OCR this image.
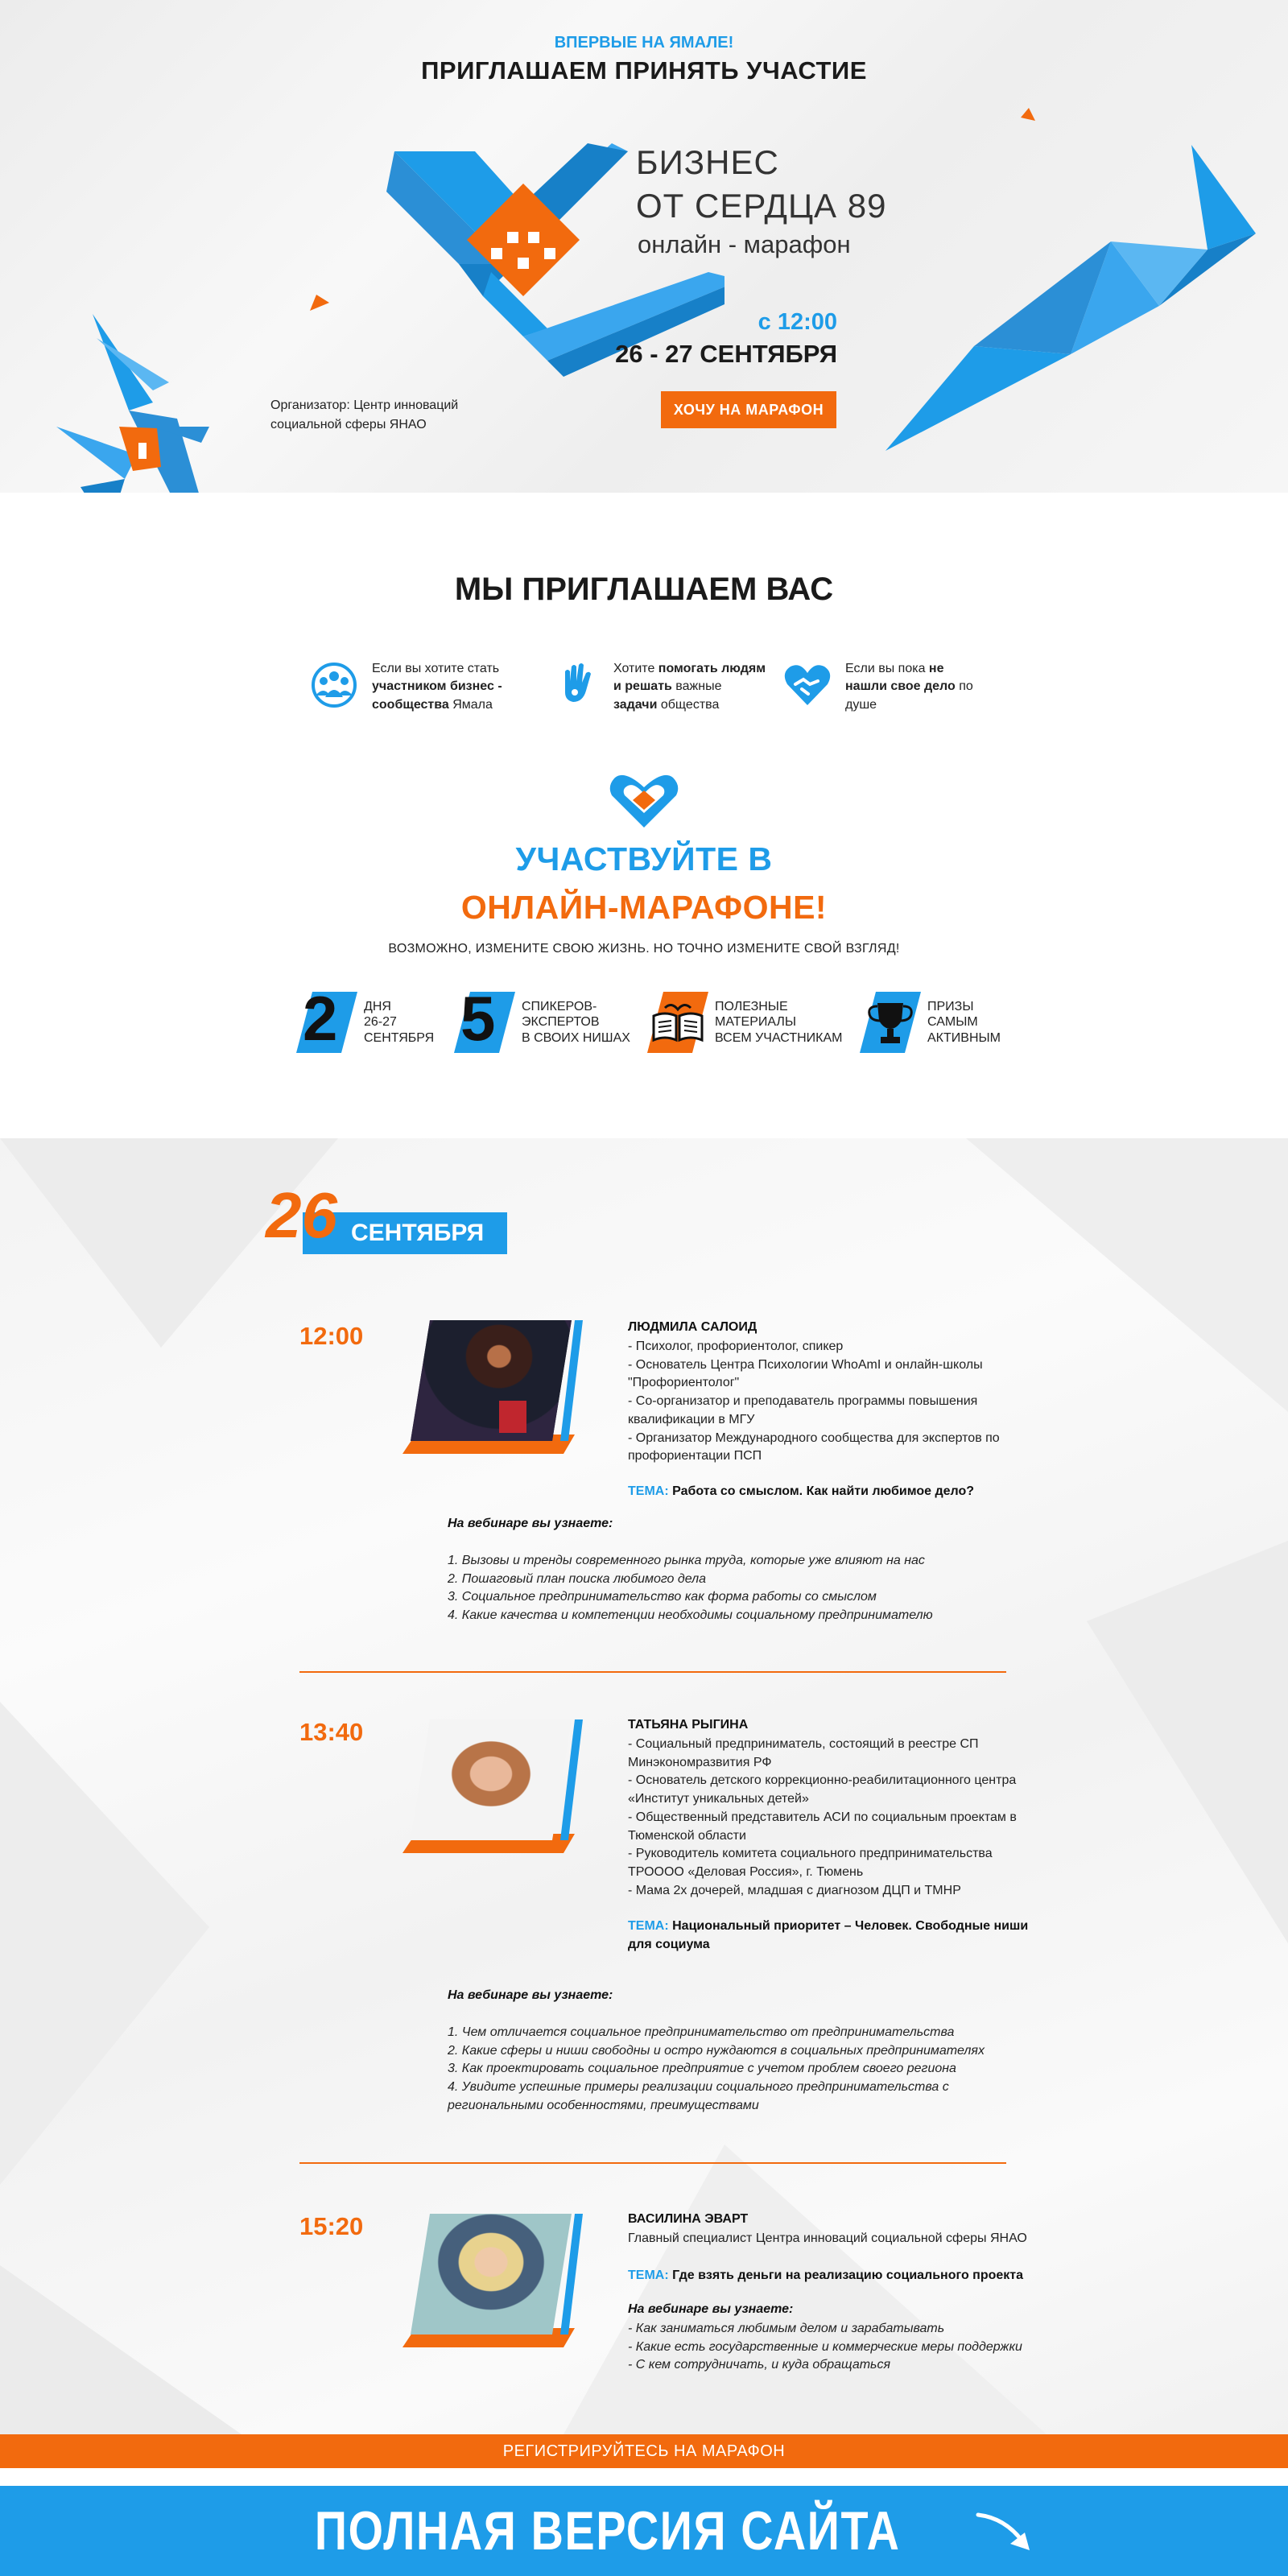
ВПЕРВЫЕ НА ЯМАЛЕ!
ПРИГЛАШАЕМ ПРИНЯТЬ УЧАСТИЕ
БИЗНЕС
ОТ СЕРДЦА 89
онлайн - марафон
с 12:00
26 - 27 СЕНТЯБРЯ
Организатор: Центр инноваций социальной сферы ЯНАО
ХОЧУ НА МАРАФОН
МЫ ПРИГЛАШАЕМ ВАС
Если вы хотите стать участником бизнес - сообщества Ямала
Хотите помогать людям и решать важные задачи общества
Если вы пока не нашли свое дело по душе
УЧАСТВУЙТЕ В
ОНЛАЙН-МАРАФОНЕ!
ВОЗМОЖНО, ИЗМЕНИТЕ СВОЮ ЖИЗНЬ. НО ТОЧНО ИЗМЕНИТЕ СВОЙ ВЗГЛЯД!
2 ДНЯ
26-27
СЕНТЯБРЯ 5 СПИКЕРОВ-
ЭКСПЕРТОВ
В СВОИХ НИШАХ
ПОЛЕЗНЫЕ
МАТЕРИАЛЫ
ВСЕМ УЧАСТНИКАМ
ПРИЗЫ
САМЫМ
АКТИВНЫМ
СЕНТЯБРЯ
26
12:00	ЛЮДМИЛА САЛОИД
- Психолог, профориентолог, спикер
- Основатель Центра Психологии WhoAmI и онлайн-школы "Профориентолог"
- Со-организатор и преподаватель программы повышения квалификации в МГУ
- Организатор Международного сообщества для экспертов по профориентации ПСП
ТЕМА: Работа со смыслом. Как найти любимое дело?
На вебинаре вы узнаете:
1. Вызовы и тренды современного рынка труда, которые уже влияют на нас
2. Пошаговый план поиска любимого дела
3. Социальное предпринимательство как форма работы со смыслом
4. Какие качества и компетенции необходимы социальному предпринимателю
13:40	ТАТЬЯНА РЫГИНА
- Социальный предприниматель, состоящий в реестре СП Минэкономразвития РФ
- Основатель детского коррекционно-реабилитационного центра «Институт уникальных детей»
- Общественный представитель АСИ по социальным проектам в Тюменской области
- Руководитель комитета социального предпринимательства ТРООOО «Деловая Россия», г. Тюмень
- Мама 2х дочерей, младшая с диагнозом ДЦП и ТМНР
ТЕМА: Национальный приоритет – Человек. Свободные ниши для социума
На вебинаре вы узнаете:
1. Чем отличается социальное предпринимательство от предпринимательства
2. Какие сферы и ниши свободны и остро нуждаются в социальных предпринимателях
3. Как проектировать социальное предприятие с учетом проблем своего региона
4. Увидите успешные примеры реализации социального предпринимательства с региональными особенностями, преимуществами
15:20	ВАСИЛИНА ЭВАРТ
Главный специалист Центра инноваций социальной сферы ЯНАО
ТЕМА: Где взять деньги на реализацию социального проекта
На вебинаре вы узнаете:
- Как заниматься любимым делом и зарабатывать
- Какие есть государственные и коммерческие меры поддержки
- С кем сотрудничать, и куда обращаться
РЕГИСТРИРУЙТЕСЬ НА МАРАФОН
ПОЛНАЯ ВЕРСИЯ САЙТА
